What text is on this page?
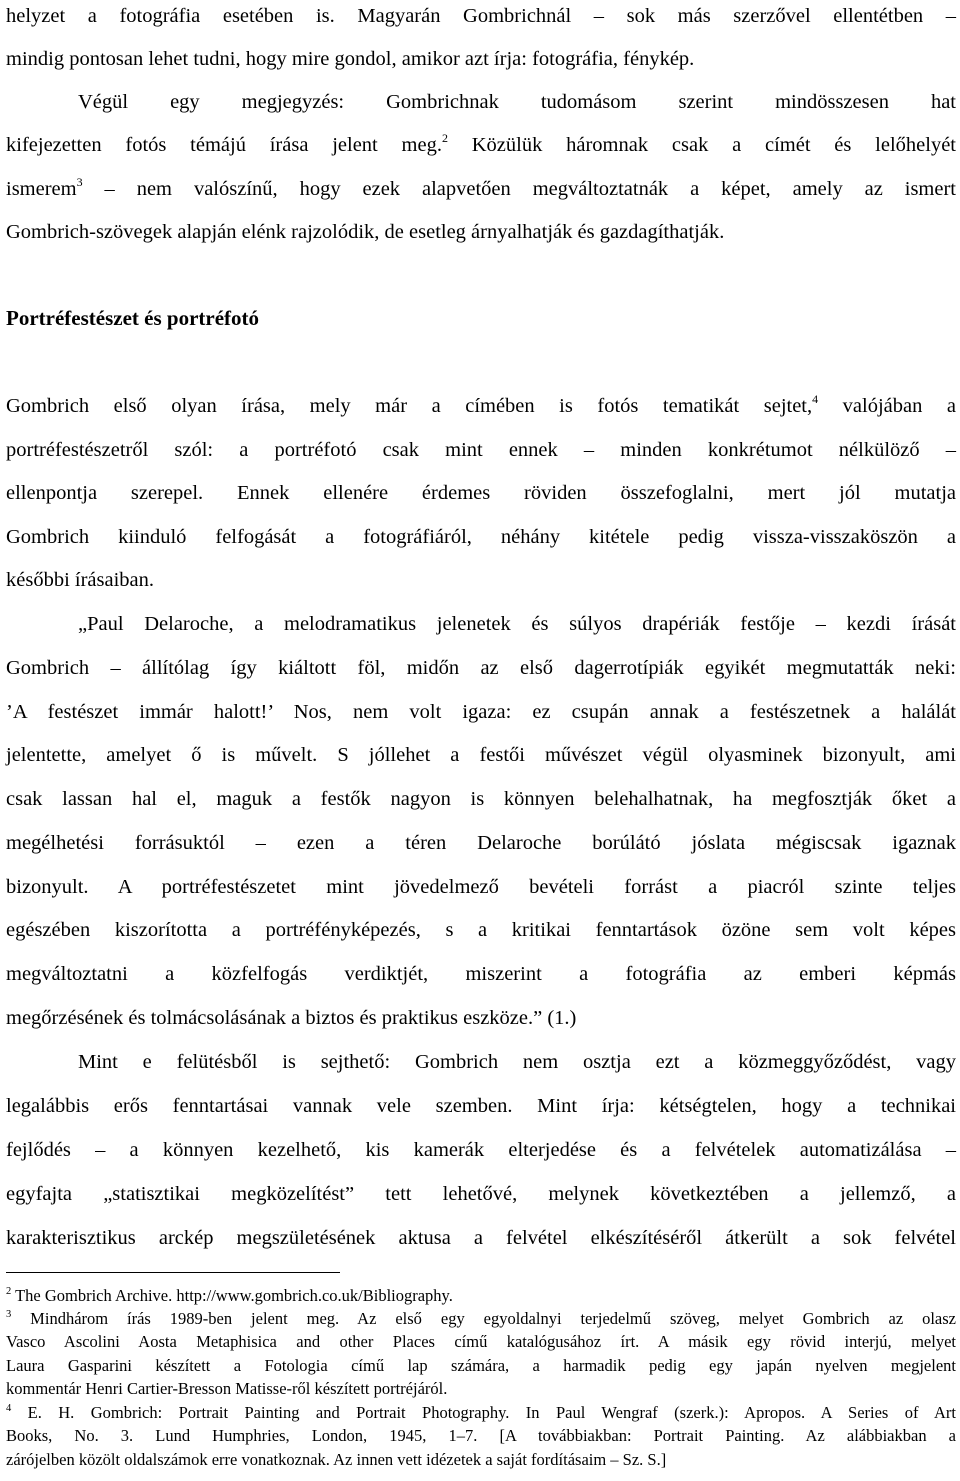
helyzet a fotográfia esetében is. Magyarán Gombrichnál – sok más szerzővel ellentétben –
mindig pontosan lehet tudni, hogy mire gondol, amikor azt írja: fotográfia, fénykép.
Végül egy megjegyzés: Gombrichnak tudomásom szerint mindösszesen hat
kifejezetten fotós témájú írása jelent meg.$^2$ Közülük háromnak csak a címét és lelőhelyét
ismerem$^3$ – nem valószínű, hogy ezek alapvetően megváltoztatnák a képet, amely az ismert
Gombrich-szövegek alapján elénk rajzolódik, de esetleg árnyalhatják és gazdagíthatják.
Portréfestészet és portréfotó
Gombrich első olyan írása, mely már a címében is fotós tematikát sejtet,$^4$ valójában a
portréfestészetről szól: a portréfotó csak mint ennek – minden konkrétumot nélkülöző –
ellenpontja szerepel. Ennek ellenére érdemes röviden összefoglalni, mert jól mutatja
Gombrich kiinduló felfogását a fotográfiáról, néhány kitétele pedig vissza-visszaköszön a
későbbi írásaiban.
„Paul Delaroche, a melodramatikus jelenetek és súlyos drapériák festője – kezdi írását
Gombrich – állítólag így kiáltott föl, midőn az első dagerrotípiák egyikét megmutatták neki:
’A festészet immár halott!’ Nos, nem volt igaza: ez csupán annak a festészetnek a halálát
jelentette, amelyet ő is művelt. S jóllehet a festői művészet végül olyasminek bizonyult, ami
csak lassan hal el, maguk a festők nagyon is könnyen belehalhatnak, ha megfosztják őket a
megélhetési forrásuktól – ezen a téren Delaroche borúlátó jóslata mégiscsak igaznak
bizonyult. A portréfestészetet mint jövedelmező bevételi forrást a piacról szinte teljes
egészében kiszorította a portréfényképezés, s a kritikai fenntartások özöne sem volt képes
megváltoztatni a közfelfogás verdiktjét, miszerint a fotográfia az emberi képmás
megőrzésének és tolmácsolásának a biztos és praktikus eszköze.” (1.)
Mint e felütésből is sejthető: Gombrich nem osztja ezt a közmeggyőződést, vagy
legalábbis erős fenntartásai vannak vele szemben. Mint írja: kétségtelen, hogy a technikai
fejlődés – a könnyen kezelhető, kis kamerák elterjedése és a felvételek automatizálása –
egyfajta „statisztikai megközelítést” tett lehetővé, melynek következtében a jellemző, a
karakterisztikus arckép megszületésének aktusa a felvétel elkészítéséről átkerült a sok felvétel
$^2$ The Gombrich Archive. http://www.gombrich.co.uk/Bibliography.
$^3$ Mindhárom írás 1989-ben jelent meg. Az első egy egyoldalnyi terjedelmű szöveg, melyet Gombrich az olasz
Vasco Ascolini Aosta Metaphisica and other Places című katalógusához írt. A másik egy rövid interjú, melyet
Laura Gasparini készített a Fotologia című lap számára, a harmadik pedig egy japán nyelven megjelent
kommentár Henri Cartier-Bresson Matisse-ről készített portréjáról.
$^4$ E. H. Gombrich: Portrait Painting and Portrait Photography. In Paul Wengraf (szerk.): Apropos. A Series of Art
Books, No. 3. Lund Humphries, London, 1945, 1–7. [A továbbiakban: Portrait Painting. Az alábbiakban a
zárójelben közölt oldalszámok erre vonatkoznak. Az innen vett idézetek a saját fordításaim – Sz. S.]
